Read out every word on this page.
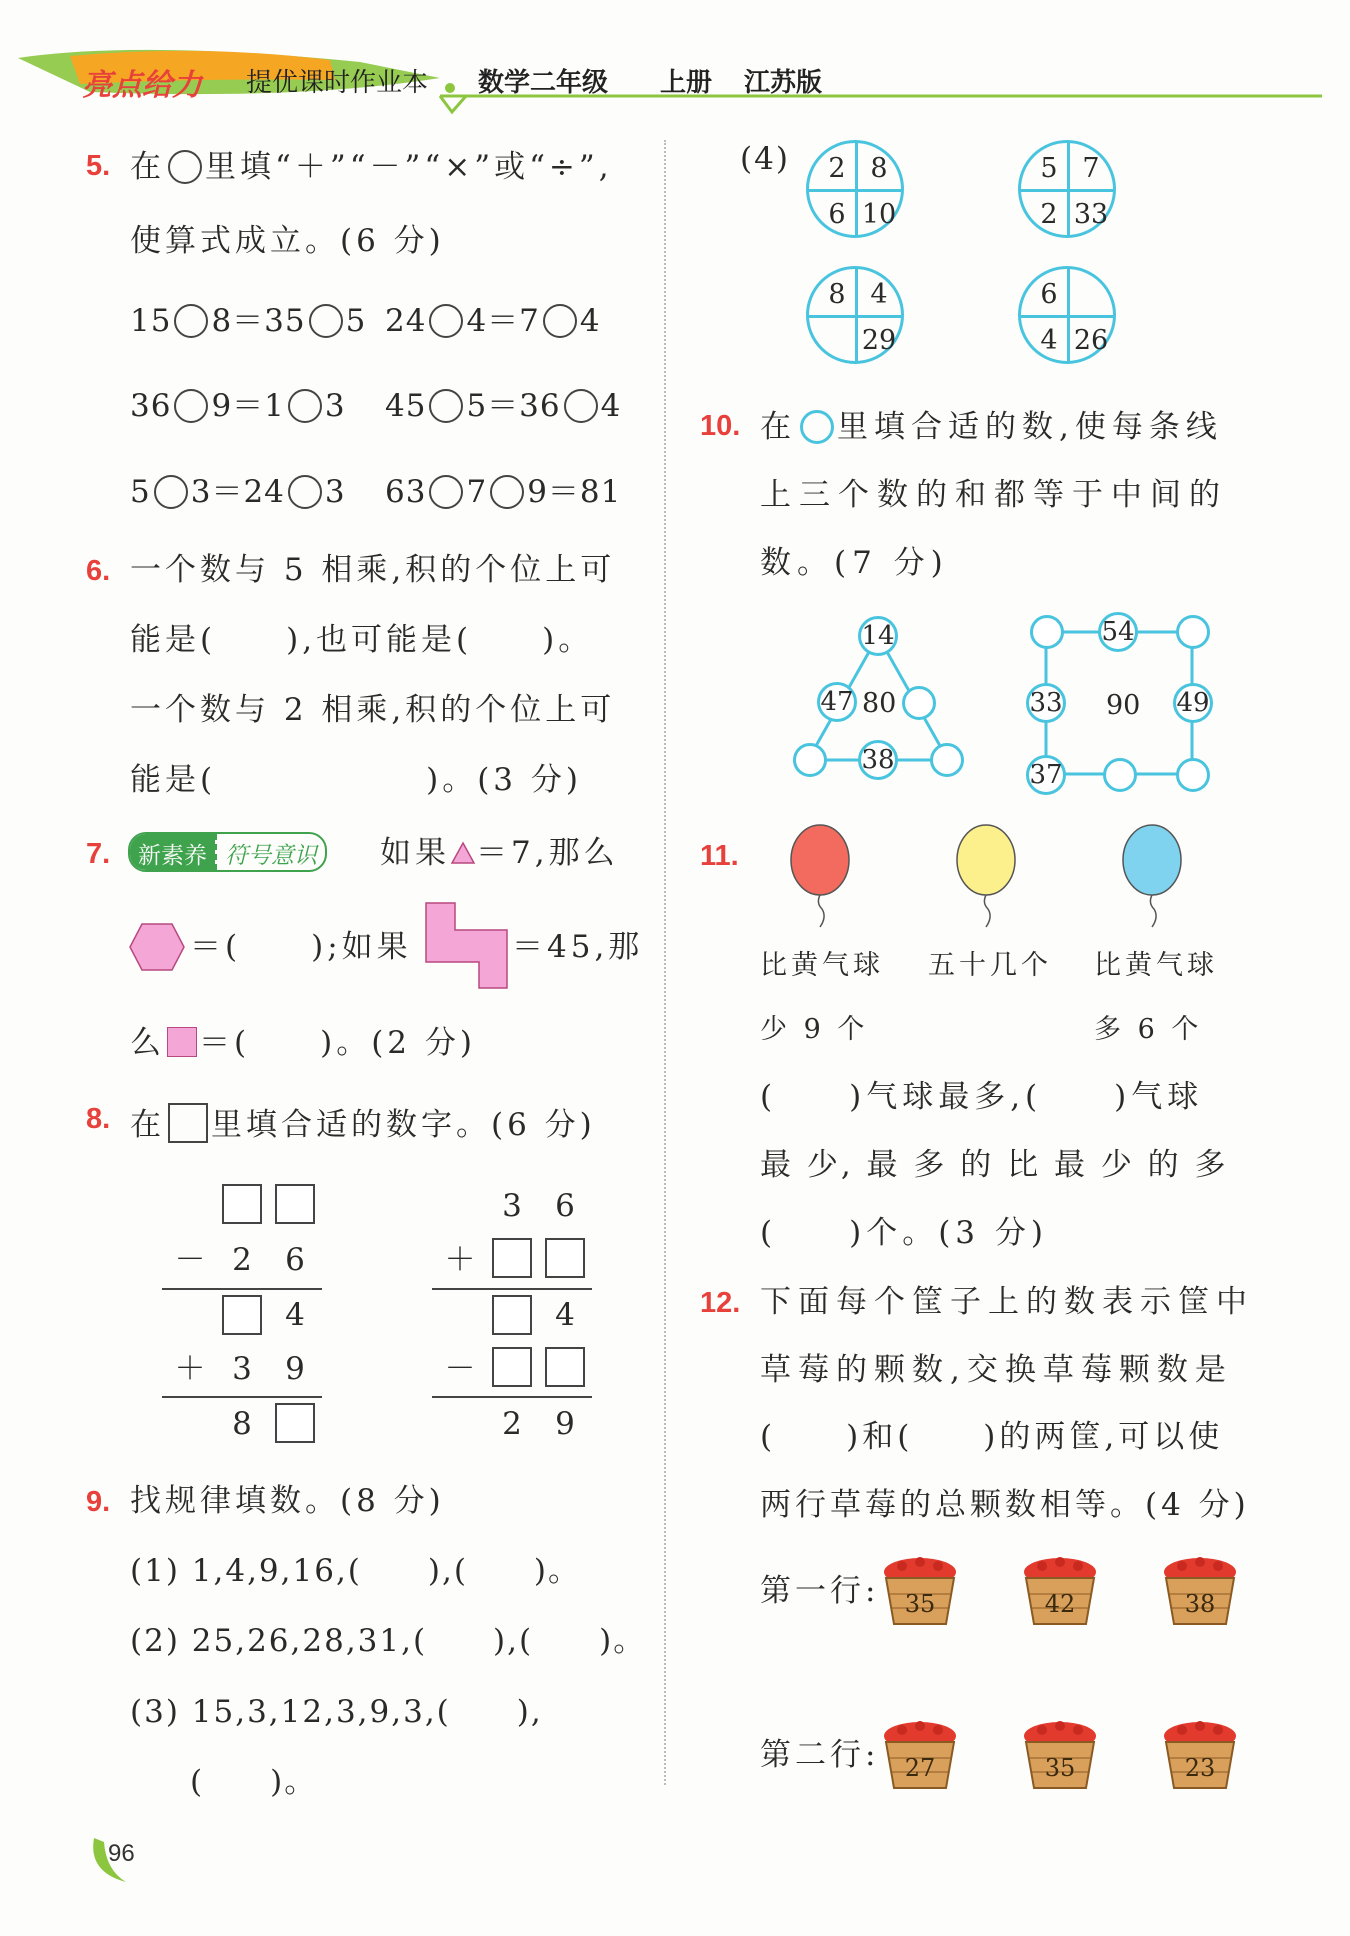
亮点给力 提优课时作业本 数学二年级 上册 江苏版
5. 在 里填“＋”“－”“×”或“÷”,
使算式成立。(6 分)
15 8＝35 5 24 4＝7 4
36 9＝1 3 45 5＝36 4
5 3＝24 3 63 7 9＝81
6. 一个数与 5 相乘,积的个位上可
能是(　　),也可能是(　　)。
一个数与 2 相乘,积的个位上可
能是(　　　　　　)。(3 分)
7.	新素养 符号意识 如果 ＝7,那么
＝(　　);如果	＝45,那
么 ＝(　　)。(2 分)
8. 在 里填合适的数字。(6 分)
－ 2	6
4
＋ 3	9
8
3	6
＋
4
－
2	9
9. 找规律填数。(8 分)
(1) 1,4,9,16,(　　),(　　)。
(2) 25,26,28,31,(　　),(　　)。
(3) 15,3,12,3,9,3,(　　),
(　　)。
(4)	2 8
6 10
5 7
2 33
8 4
29
6
4 26
10. 在 里填合适的数,使每条线
上三个数的和都等于中间的
数。(7 分)
14
47
38
80
54
33 90 49
37
11.
比黄气球
少 9 个
五十几个 比黄气球
多 6 个
(　　)气球最多,(　　)气球
最 少, 最 多 的 比 最 少 的 多
(　　)个。(3 分)
12. 下面每个筐子上的数表示筐中
草莓的颗数,交换草莓颗数是
(　　)和(　　)的两筐,可以使
两行草莓的总颗数相等。(4 分)
第一行:
第二行:
35	42	38
27	35	23
96
